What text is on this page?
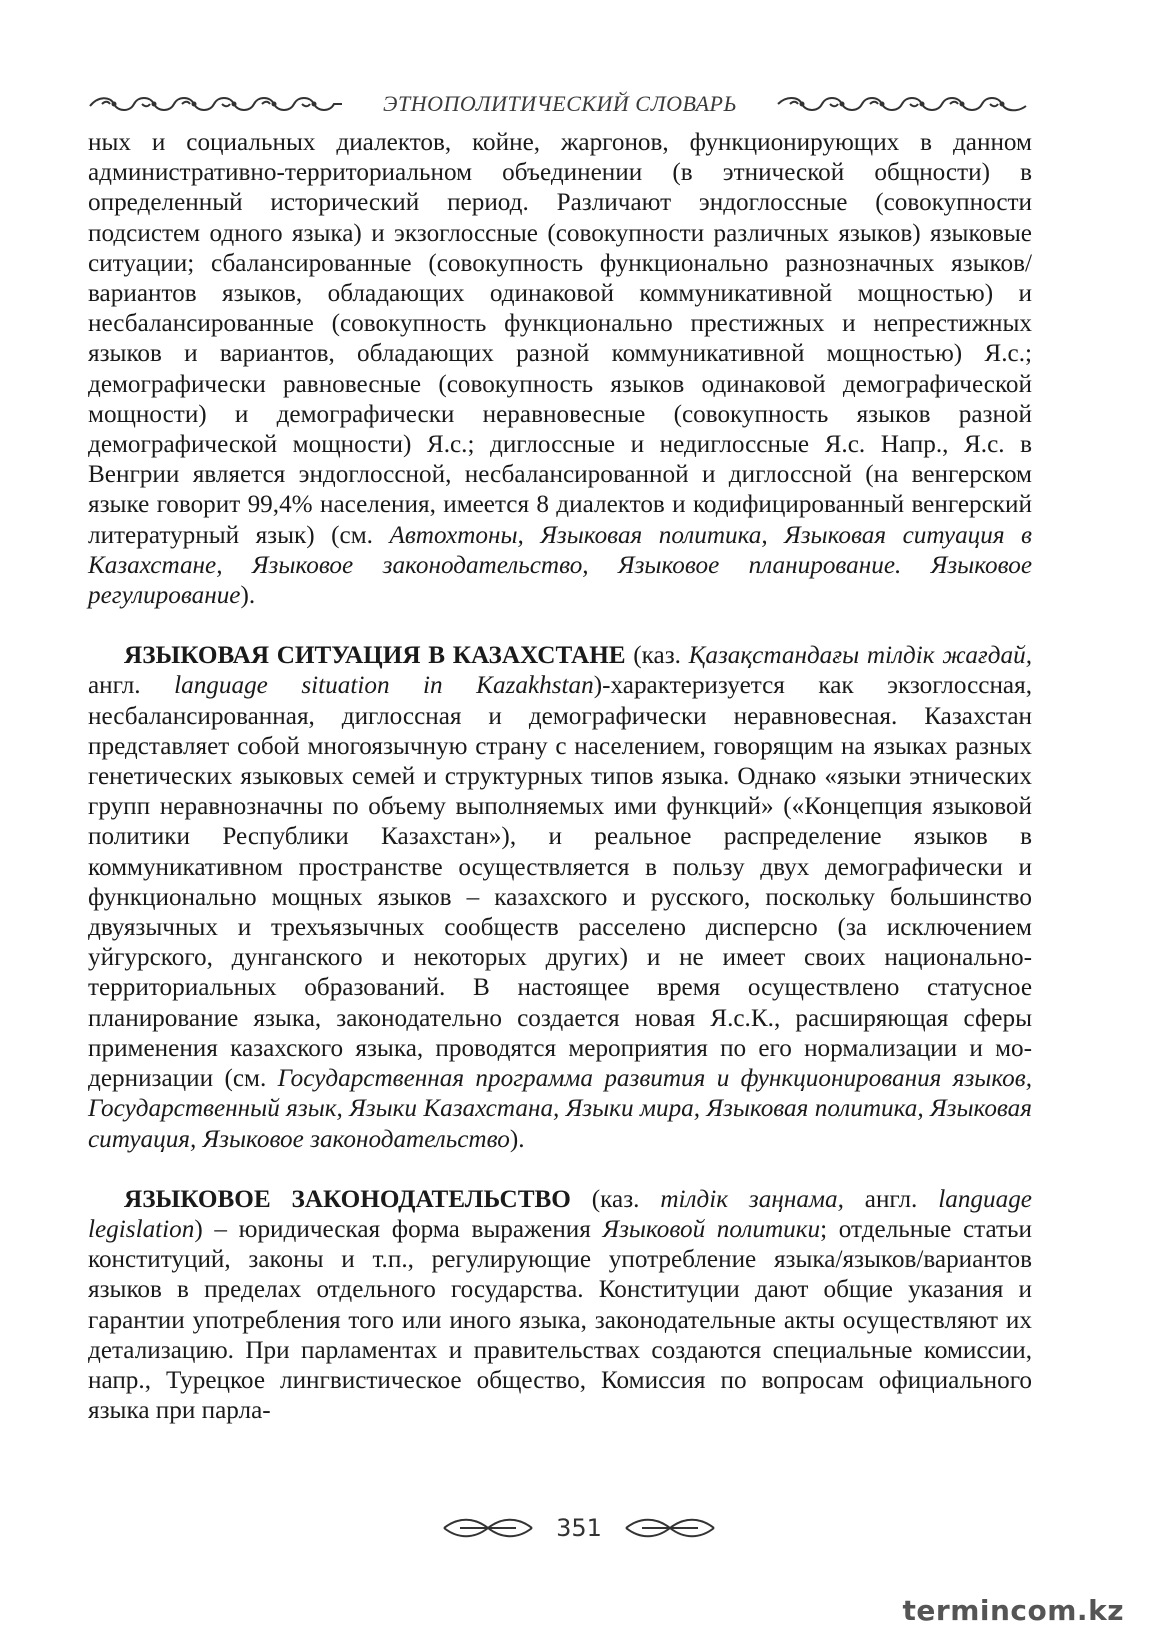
ЭТНОПОЛИТИЧЕСКИЙ СЛОВАРЬ

ных и социальных диалектов, койне, жаргонов, функционирующих в данном административно-территориальном объединении (в этнической общности) в определенный исторический период. Различают эндоглоссные (совокупности подсистем одного языка) и экзоглоссные (совокупности различных языков) языковые ситуации; сбалансированные (совокупность функционально разнозначных языков/вариантов языков, обладающих одинаковой коммуникативной мощностью) и несбалансированные (совокупность функционально престижных и непрестижных языков и вариантов, обладающих разной коммуникативной мощностью) Я.с.; демографически равновесные (совокупность языков одинаковой демографической мощности) и демографически неравновесные (совокупность языков разной демографической мощности) Я.с.; диглоссные и недиглоссные Я.с. Напр., Я.с. в Венгрии является эндоглоссной, несбалансированной и диглоссной (на венгерском языке говорит 99,4% населения, имеется 8 диалектов и кодифицированный венгерский литературный язык) (см. Автохтоны, Языковая политика, Языковая ситуация в Казахстане, Языковое законодательство, Языковое планирование. Языковое регулирование).

ЯЗЫКОВАЯ СИТУАЦИЯ В КАЗАХСТАНЕ (каз. Қазақстандағы тілдік жағдай, англ. language situation in Kazakhstan)-характеризуется как экзоглоссная, несбалансированная, диглоссная и демографически неравновесная. Казахстан представляет собой многоязычную страну с населением, говорящим на языках разных генетических языковых семей и структурных типов языка. Однако «языки этнических групп неравнозначны по объему выполняемых ими функций» («Концепция языковой политики Республики Казахстан»), и реальное распределение языков в коммуникативном пространстве осуществляется в пользу двух демографически и функционально мощных языков – казахского и русского, поскольку большинство двуязычных и трехъязычных сообществ расселено дисперсно (за исключением уйгурского, дунганского и некоторых других) и не имеет своих национально-территориальных образований. В настоящее время осуществлено статусное планирование языка, законодательно создается новая Я.с.К., расширяющая сферы применения казахского языка, проводятся мероприятия по его нормализации и модернизации (см. Государственная программа развития и функционирования языков, Государственный язык, Языки Казахстана, Языки мира, Языковая политика, Языковая ситуация, Языковое законодательство).

ЯЗЫКОВОЕ ЗАКОНОДАТЕЛЬСТВО (каз. тілдік заңнама, англ. language legislation) – юридическая форма выражения Языковой политики; отдельные статьи конституций, законы и т.п., регулирующие употребление языка/языков/вариантов языков в пределах отдельного государства. Конституции дают общие указания и гарантии употребления того или иного языка, законодательные акты осуществляют их детализацию. При парламентах и правительствах создаются специальные комиссии, напр., Турецкое лингвистическое общество, Комиссия по вопросам официального языка при парла-

351
termincom.kz
